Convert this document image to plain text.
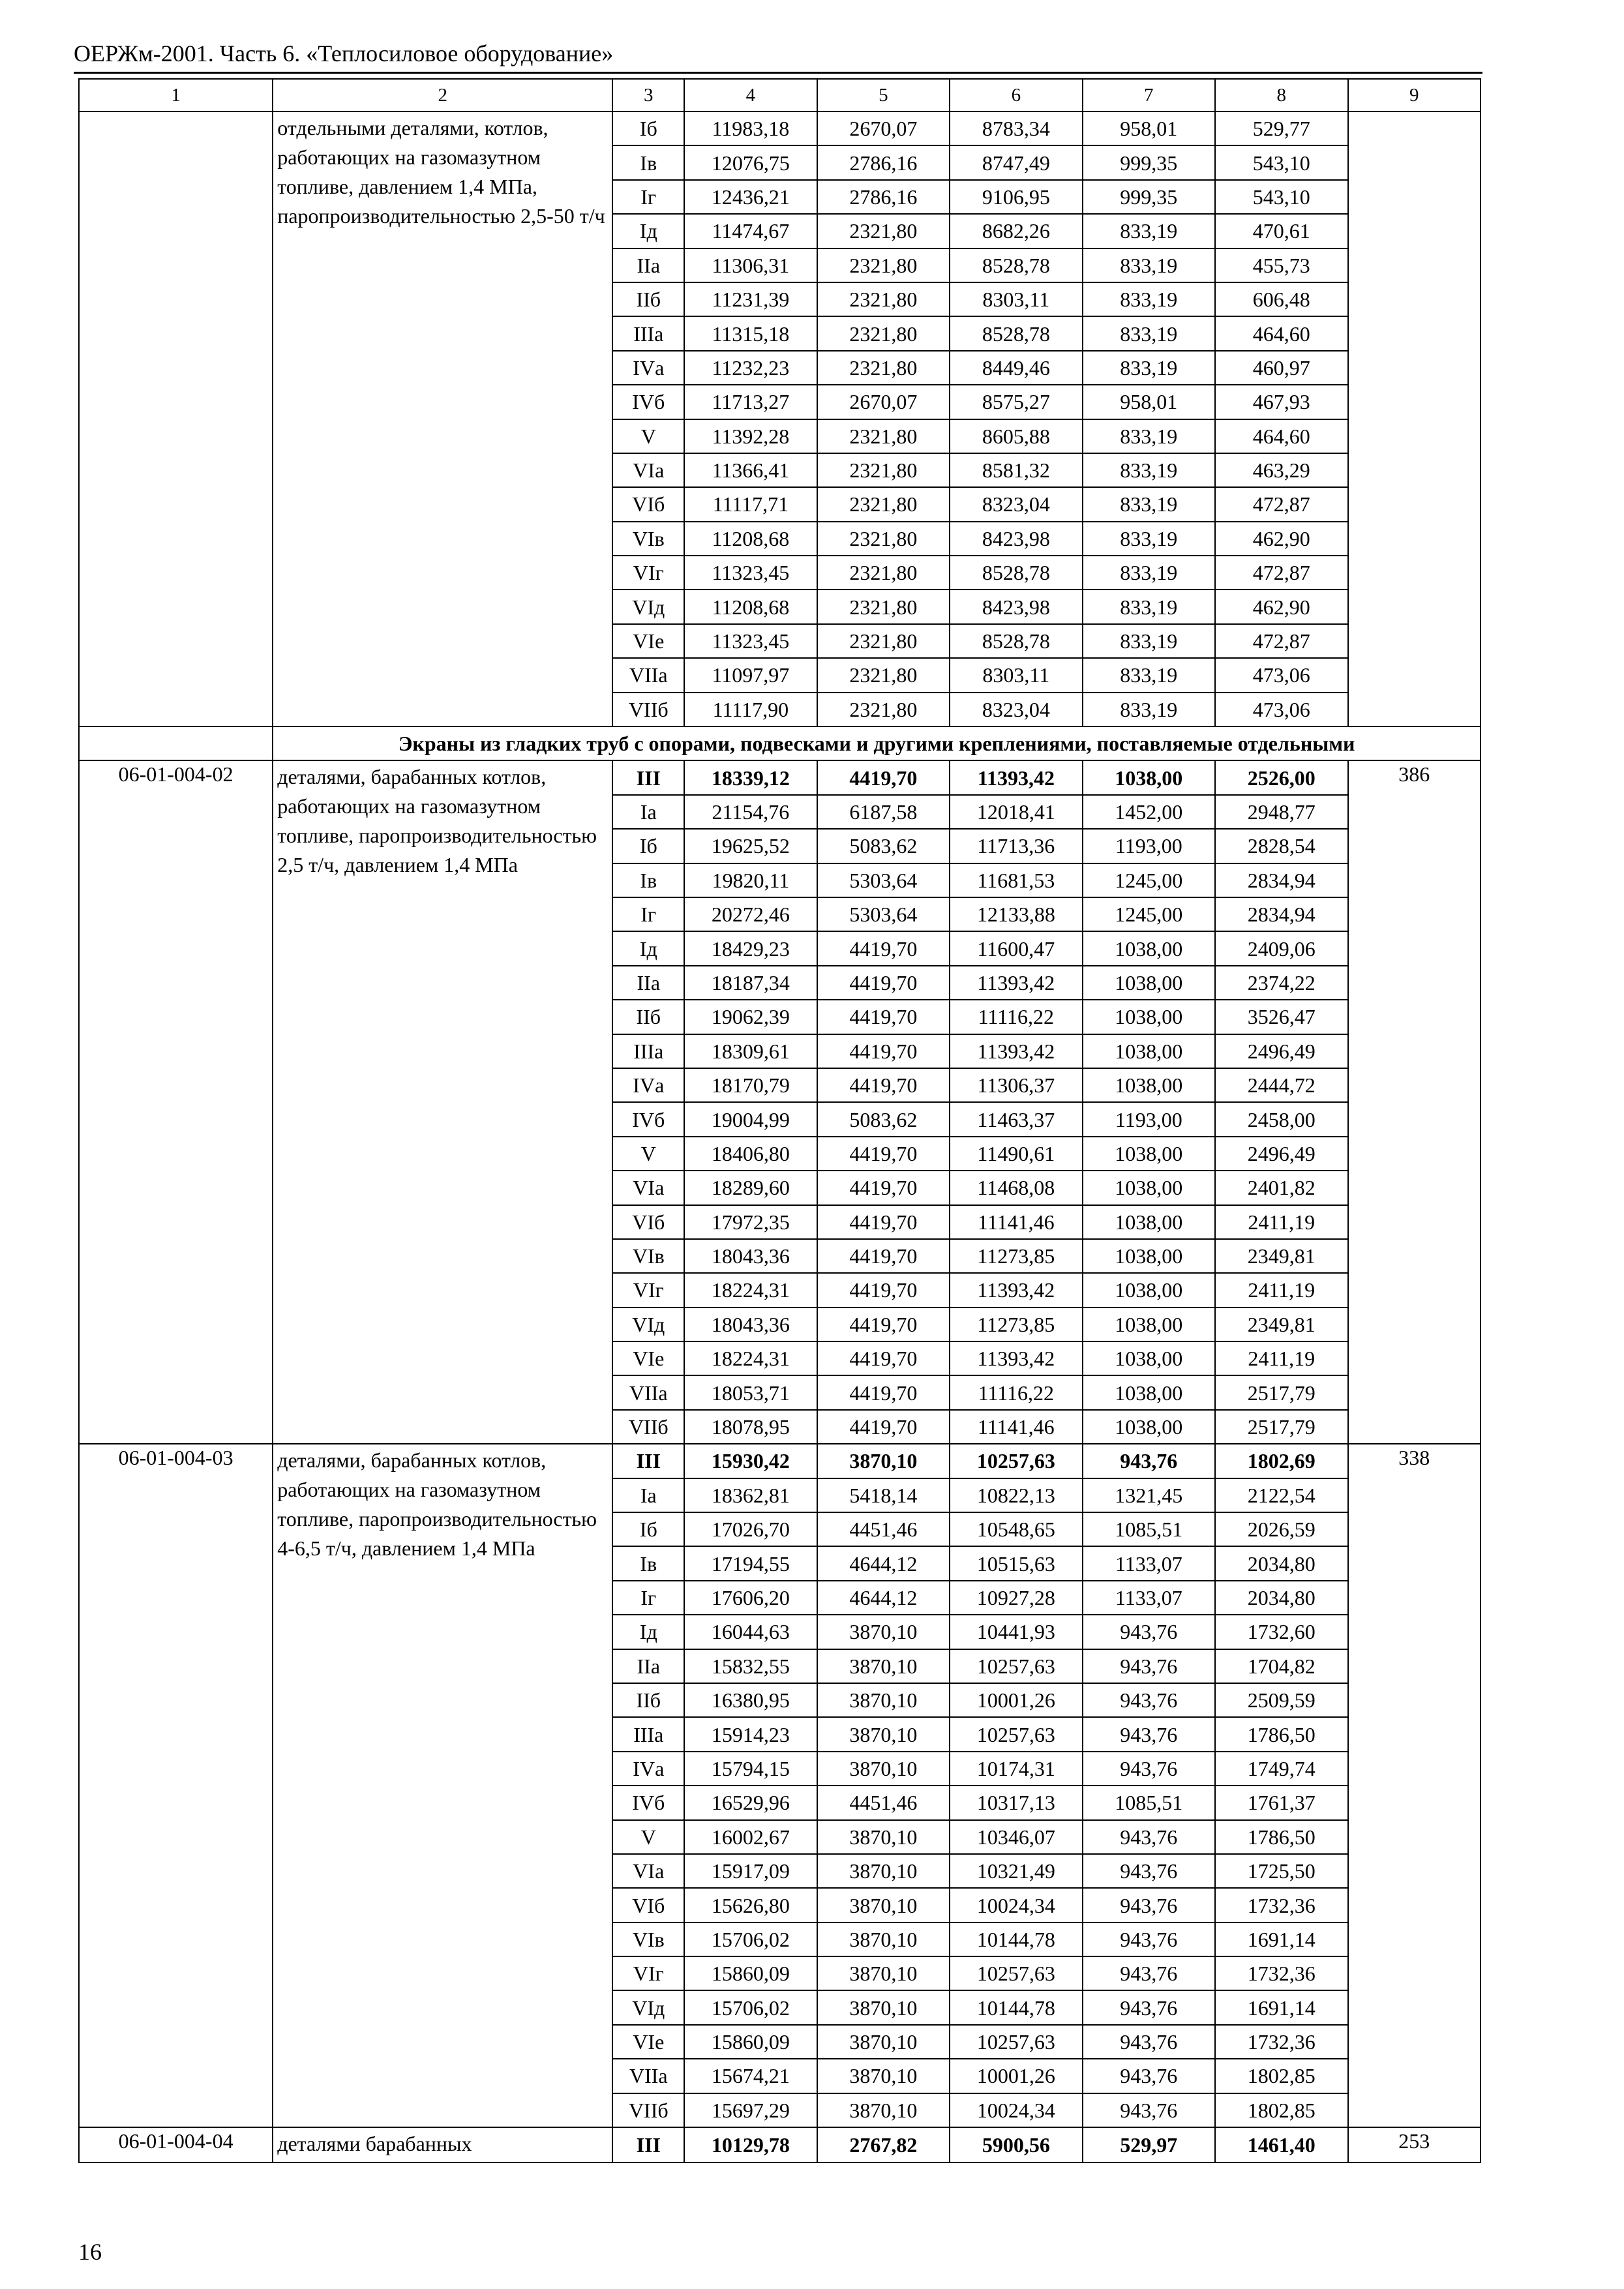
ОЕРЖм-2001. Часть 6. «Теплосиловое оборудование»
1	2	3	4	5	6	7	8	9
	отдельными деталями, котлов, работающих на газомазутном топливе, давлением 1,4 МПа, паропроизводительностью 2,5-50 т/ч	Iб	11983,18	2670,07	8783,34	958,01	529,77	
		Iв	12076,75	2786,16	8747,49	999,35	543,10	
		Iг	12436,21	2786,16	9106,95	999,35	543,10	
		Iд	11474,67	2321,80	8682,26	833,19	470,61	
		IIа	11306,31	2321,80	8528,78	833,19	455,73	
		IIб	11231,39	2321,80	8303,11	833,19	606,48	
		IIIа	11315,18	2321,80	8528,78	833,19	464,60	
		IVа	11232,23	2321,80	8449,46	833,19	460,97	
		IVб	11713,27	2670,07	8575,27	958,01	467,93	
		V	11392,28	2321,80	8605,88	833,19	464,60	
		VIа	11366,41	2321,80	8581,32	833,19	463,29	
		VIб	11117,71	2321,80	8323,04	833,19	472,87	
		VIв	11208,68	2321,80	8423,98	833,19	462,90	
		VIг	11323,45	2321,80	8528,78	833,19	472,87	
		VIд	11208,68	2321,80	8423,98	833,19	462,90	
		VIе	11323,45	2321,80	8528,78	833,19	472,87	
		VIIа	11097,97	2321,80	8303,11	833,19	473,06	
		VIIб	11117,90	2321,80	8323,04	833,19	473,06	
	Экраны из гладких труб с опорами, подвесками и другими креплениями, поставляемые отдельными							
06-01-004-02	деталями, барабанных котлов, работающих на газомазутном топливе, паропроизводительностью 2,5 т/ч, давлением 1,4 МПа	III	18339,12	4419,70	11393,42	1038,00	2526,00	386
		Iа	21154,76	6187,58	12018,41	1452,00	2948,77	
		Iб	19625,52	5083,62	11713,36	1193,00	2828,54	
		Iв	19820,11	5303,64	11681,53	1245,00	2834,94	
		Iг	20272,46	5303,64	12133,88	1245,00	2834,94	
		Iд	18429,23	4419,70	11600,47	1038,00	2409,06	
		IIа	18187,34	4419,70	11393,42	1038,00	2374,22	
		IIб	19062,39	4419,70	11116,22	1038,00	3526,47	
		IIIа	18309,61	4419,70	11393,42	1038,00	2496,49	
		IVа	18170,79	4419,70	11306,37	1038,00	2444,72	
		IVб	19004,99	5083,62	11463,37	1193,00	2458,00	
		V	18406,80	4419,70	11490,61	1038,00	2496,49	
		VIа	18289,60	4419,70	11468,08	1038,00	2401,82	
		VIб	17972,35	4419,70	11141,46	1038,00	2411,19	
		VIв	18043,36	4419,70	11273,85	1038,00	2349,81	
		VIг	18224,31	4419,70	11393,42	1038,00	2411,19	
		VIд	18043,36	4419,70	11273,85	1038,00	2349,81	
		VIе	18224,31	4419,70	11393,42	1038,00	2411,19	
		VIIа	18053,71	4419,70	11116,22	1038,00	2517,79	
		VIIб	18078,95	4419,70	11141,46	1038,00	2517,79	
06-01-004-03	деталями, барабанных котлов, работающих на газомазутном топливе, паропроизводительностью 4-6,5 т/ч, давлением 1,4 МПа	III	15930,42	3870,10	10257,63	943,76	1802,69	338
		Iа	18362,81	5418,14	10822,13	1321,45	2122,54	
		Iб	17026,70	4451,46	10548,65	1085,51	2026,59	
		Iв	17194,55	4644,12	10515,63	1133,07	2034,80	
		Iг	17606,20	4644,12	10927,28	1133,07	2034,80	
		Iд	16044,63	3870,10	10441,93	943,76	1732,60	
		IIа	15832,55	3870,10	10257,63	943,76	1704,82	
		IIб	16380,95	3870,10	10001,26	943,76	2509,59	
		IIIа	15914,23	3870,10	10257,63	943,76	1786,50	
		IVа	15794,15	3870,10	10174,31	943,76	1749,74	
		IVб	16529,96	4451,46	10317,13	1085,51	1761,37	
		V	16002,67	3870,10	10346,07	943,76	1786,50	
		VIа	15917,09	3870,10	10321,49	943,76	1725,50	
		VIб	15626,80	3870,10	10024,34	943,76	1732,36	
		VIв	15706,02	3870,10	10144,78	943,76	1691,14	
		VIг	15860,09	3870,10	10257,63	943,76	1732,36	
		VIд	15706,02	3870,10	10144,78	943,76	1691,14	
		VIе	15860,09	3870,10	10257,63	943,76	1732,36	
		VIIа	15674,21	3870,10	10001,26	943,76	1802,85	
		VIIб	15697,29	3870,10	10024,34	943,76	1802,85	
06-01-004-04	деталями барабанных	III	10129,78	2767,82	5900,56	529,97	1461,40	253
16
